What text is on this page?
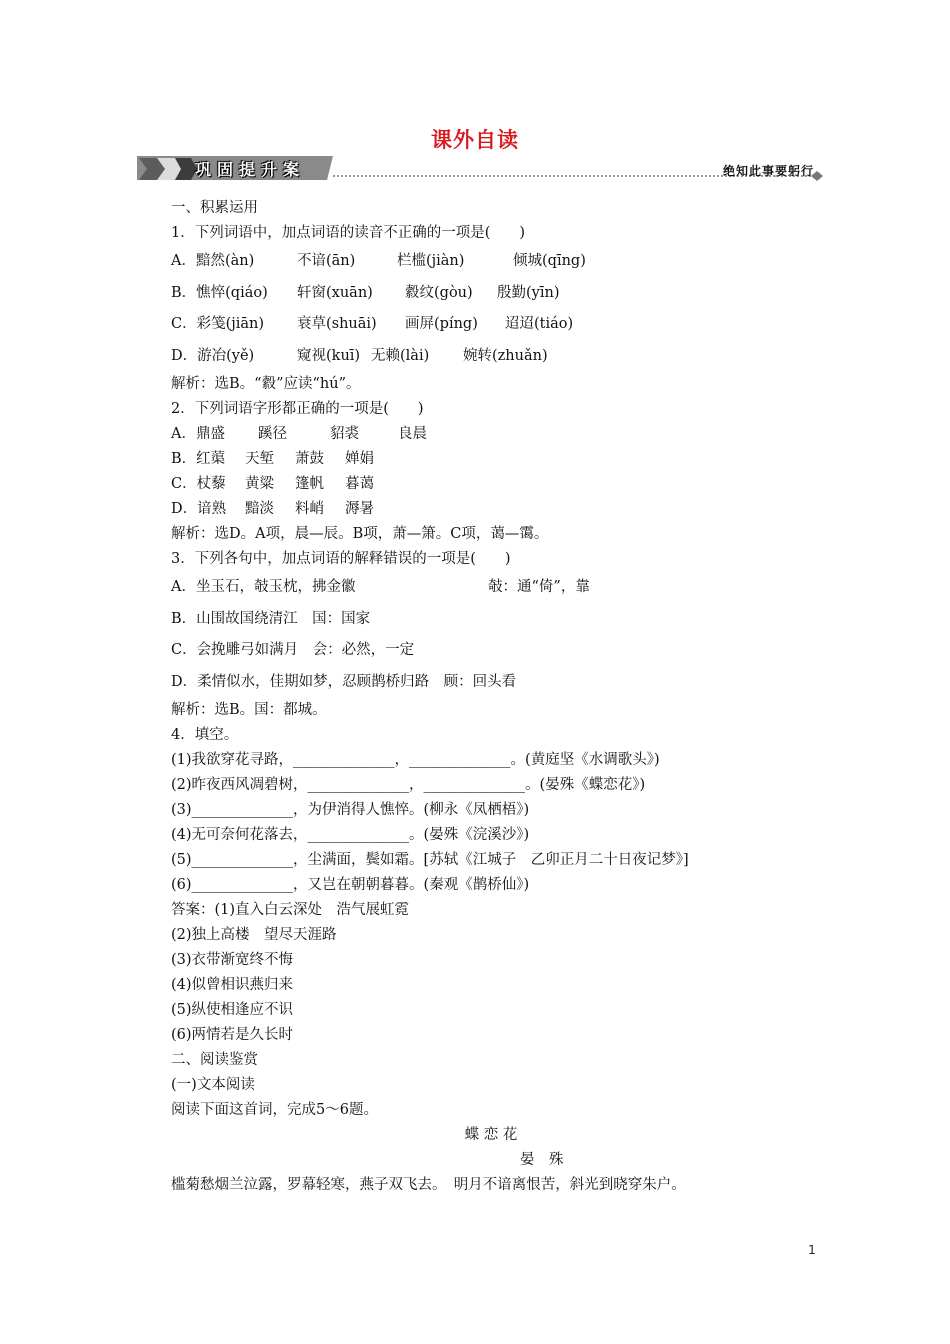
课外自读
巩固提升案	绝知此事要躬行
一、积累运用
1．下列词语中，加点词语的读音不正确的一项是(　　)
A．黯然(àn)	不谙(ān)	栏槛(jiàn)	倾城(qīng)
B．憔悴(qiáo) 轩窗(xuān) 縠纹(gòu) 殷勤(yīn)
C．彩笺(jiān) 衰草(shuāi) 画屏(píng) 迢迢(tiáo)
D．游冶(yě)	窥视(kuī) 无赖(lài) 婉转(zhuǎn)
解析：选B。“縠”应读“hú”。
2．下列词语字形都正确的一项是(　　)
A．鼎盛 蹊径	貂裘	良晨
B．红蕖 天堑 萧鼓 婵娟
C．杖藜 黄粱 篷帆 暮蔼
D．谙熟 黯淡 料峭 溽暑
解析：选D。A项，晨—辰。B项，萧—箫。C项，蔼—霭。
3．下列各句中，加点词语的解释错误的一项是(　　)
A．坐玉石，攲玉枕，拂金徽	攲：通“倚”，靠
B．山围故国绕清江　国：国家
C．会挽雕弓如满月　会：必然，一定
D．柔情似水，佳期如梦，忍顾鹊桥归路　顾：回头看
解析：选B。国：都城。
4．填空。
(1)我欲穿花寻路，______________，______________。(黄庭坚《水调歌头》)
(2)昨夜西风凋碧树，______________，______________。(晏殊《蝶恋花》)
(3)______________，为伊消得人憔悴。(柳永《凤栖梧》)
(4)无可奈何花落去，______________。(晏殊《浣溪沙》)
(5)______________，尘满面，鬓如霜。[苏轼《江城子　乙卯正月二十日夜记梦》]
(6)______________，又岂在朝朝暮暮。(秦观《鹊桥仙》)
答案：(1)直入白云深处　浩气展虹霓
(2)独上高楼　望尽天涯路
(3)衣带渐宽终不悔
(4)似曾相识燕归来
(5)纵使相逢应不识
(6)两情若是久长时
二、阅读鉴赏
(一)文本阅读
阅读下面这首词，完成5～6题。
蝶 恋 花
　　　　　　　晏　殊
槛菊愁烟兰泣露，罗幕轻寒，燕子双飞去。　明月不谙离恨苦，斜光到晓穿朱户。
1
